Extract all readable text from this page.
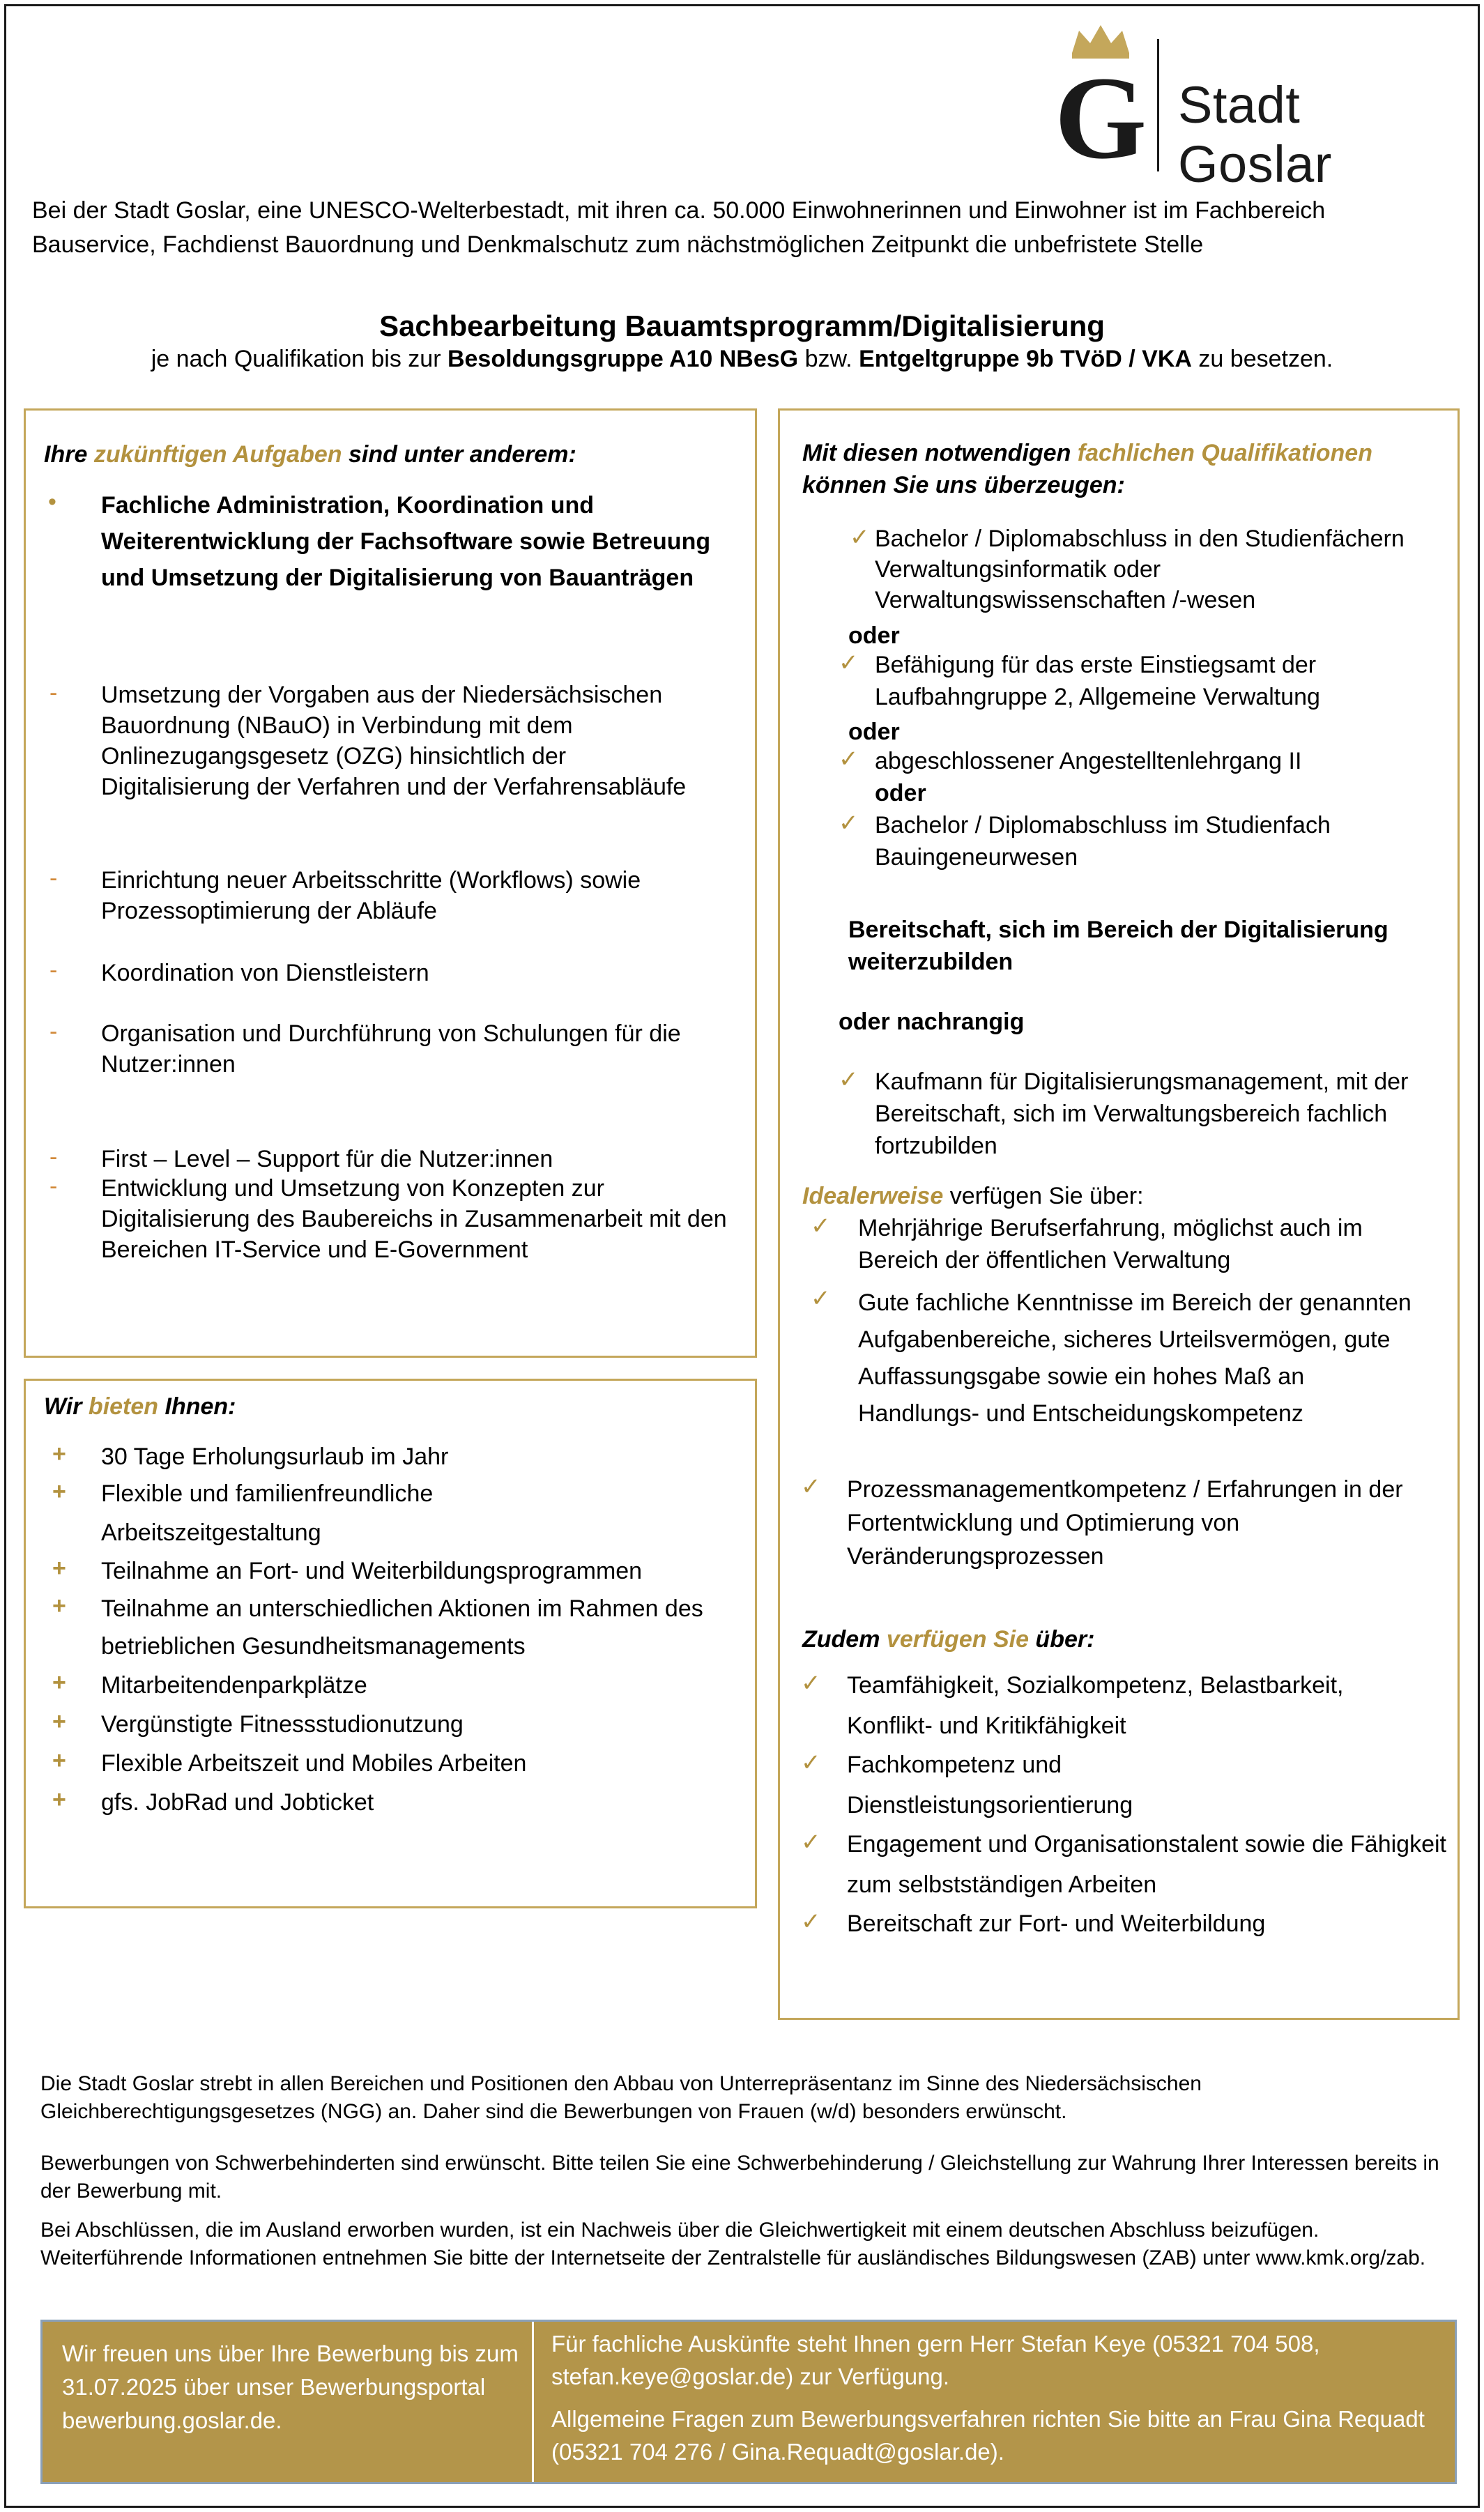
G Stadt Goslar
Bei der Stadt Goslar, eine UNESCO-Welterbestadt, mit ihren ca. 50.000 Einwohnerinnen und Einwohner ist im Fachbereich Bauservice, Fachdienst Bauordnung und Denkmalschutz zum nächstmöglichen Zeitpunkt die unbefristete Stelle
Sachbearbeitung Bauamtsprogramm/Digitalisierung
je nach Qualifikation bis zur Besoldungsgruppe A10 NBesG bzw. Entgeltgruppe 9b TVöD / VKA zu besetzen.
Ihre zukünftigen Aufgaben sind unter anderem:
• Fachliche Administration, Koordination und Weiterentwicklung der Fachsoftware sowie Betreuung und Umsetzung der Digitalisierung von Bauanträgen
- Umsetzung der Vorgaben aus der Niedersächsischen Bauordnung (NBauO) in Verbindung mit dem Onlinezugangsgesetz (OZG) hinsichtlich der Digitalisierung der Verfahren und der Verfahrensabläufe
- Einrichtung neuer Arbeitsschritte (Workflows) sowie Prozessoptimierung der Abläufe
- Koordination von Dienstleistern
- Organisation und Durchführung von Schulungen für die Nutzer:innen
- First – Level – Support für die Nutzer:innen
- Entwicklung und Umsetzung von Konzepten zur Digitalisierung des Baubereichs in Zusammenarbeit mit den Bereichen IT-Service und E-Government
Wir bieten Ihnen:
+ 30 Tage Erholungsurlaub im Jahr
+ Flexible und familienfreundliche Arbeitszeitgestaltung
+ Teilnahme an Fort- und Weiterbildungsprogrammen
+ Teilnahme an unterschiedlichen Aktionen im Rahmen des betrieblichen Gesundheitsmanagements
+ Mitarbeitendenparkplätze
+ Vergünstigte Fitnessstudionutzung
+ Flexible Arbeitszeit und Mobiles Arbeiten
+ gfs. JobRad und Jobticket
Mit diesen notwendigen fachlichen Qualifikationen können Sie uns überzeugen:
✓ Bachelor / Diplomabschluss in den Studienfächern Verwaltungsinformatik oder Verwaltungswissenschaften /-wesen
oder
✓ Befähigung für das erste Einstiegsamt der Laufbahngruppe 2, Allgemeine Verwaltung
oder
✓ abgeschlossener Angestelltenlehrgang II
oder
✓ Bachelor / Diplomabschluss im Studienfach Bauingeneurwesen
Bereitschaft, sich im Bereich der Digitalisierung weiterzubilden
oder nachrangig
✓ Kaufmann für Digitalisierungsmanagement, mit der Bereitschaft, sich im Verwaltungsbereich fachlich fortzubilden
Idealerweise verfügen Sie über:
✓ Mehrjährige Berufserfahrung, möglichst auch im Bereich der öffentlichen Verwaltung
✓ Gute fachliche Kenntnisse im Bereich der genannten Aufgabenbereiche, sicheres Urteilsvermögen, gute Auffassungsgabe sowie ein hohes Maß an Handlungs- und Entscheidungskompetenz
✓ Prozessmanagementkompetenz / Erfahrungen in der Fortentwicklung und Optimierung von Veränderungsprozessen
Zudem verfügen Sie über:
✓ Teamfähigkeit, Sozialkompetenz, Belastbarkeit, Konflikt- und Kritikfähigkeit
✓ Fachkompetenz und Dienstleistungsorientierung
✓ Engagement und Organisationstalent sowie die Fähigkeit zum selbstständigen Arbeiten
✓ Bereitschaft zur Fort- und Weiterbildung
Die Stadt Goslar strebt in allen Bereichen und Positionen den Abbau von Unterrepräsentanz im Sinne des Niedersächsischen Gleichberechtigungsgesetzes (NGG) an. Daher sind die Bewerbungen von Frauen (w/d) besonders erwünscht.
Bewerbungen von Schwerbehinderten sind erwünscht. Bitte teilen Sie eine Schwerbehinderung / Gleichstellung zur Wahrung Ihrer Interessen bereits in der Bewerbung mit.
Bei Abschlüssen, die im Ausland erworben wurden, ist ein Nachweis über die Gleichwertigkeit mit einem deutschen Abschluss beizufügen. Weiterführende Informationen entnehmen Sie bitte der Internetseite der Zentralstelle für ausländisches Bildungswesen (ZAB) unter www.kmk.org/zab.
Wir freuen uns über Ihre Bewerbung bis zum 31.07.2025 über unser Bewerbungsportal bewerbung.goslar.de.
Für fachliche Auskünfte steht Ihnen gern Herr Stefan Keye (05321 704 508, stefan.keye@goslar.de) zur Verfügung.
Allgemeine Fragen zum Bewerbungsverfahren richten Sie bitte an Frau Gina Requadt (05321 704 276 / Gina.Requadt@goslar.de).
